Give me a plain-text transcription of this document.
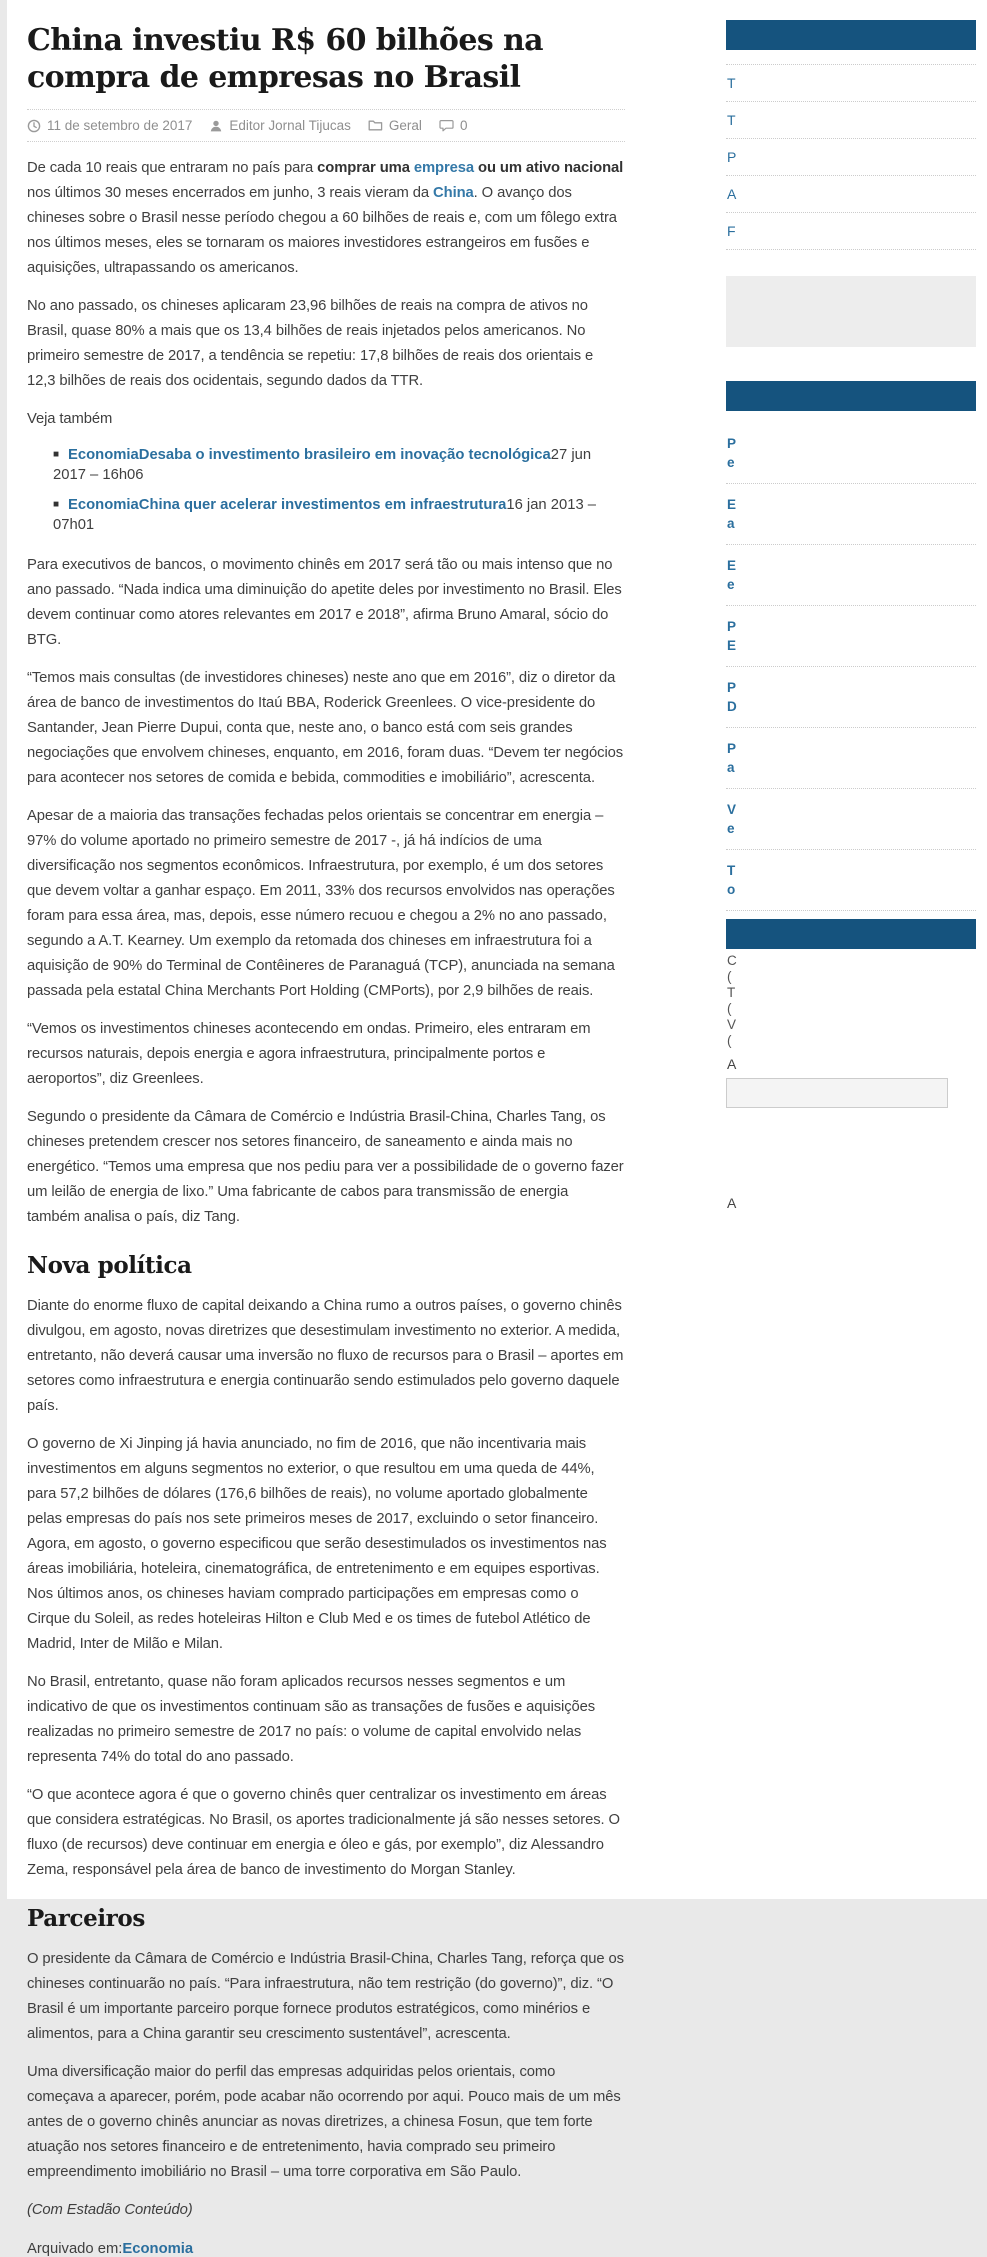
China investiu R$ 60 bilhões na compra de empresas no Brasil
11 de setembro de 2017	Editor Jornal Tijucas	Geral	0

De cada 10 reais que entraram no país para comprar uma empresa ou um ativo nacional nos últimos 30 meses encerrados em junho, 3 reais vieram da China. O avanço dos chineses sobre o Brasil nesse período chegou a 60 bilhões de reais e, com um fôlego extra nos últimos meses, eles se tornaram os maiores investidores estrangeiros em fusões e aquisições, ultrapassando os americanos.

No ano passado, os chineses aplicaram 23,96 bilhões de reais na compra de ativos no Brasil, quase 80% a mais que os 13,4 bilhões de reais injetados pelos americanos. No primeiro semestre de 2017, a tendência se repetiu: 17,8 bilhões de reais dos orientais e 12,3 bilhões de reais dos ocidentais, segundo dados da TTR.

Veja também

■ EconomiaDesaba o investimento brasileiro em inovação tecnológica27 jun 2017 – 16h06
■ EconomiaChina quer acelerar investimentos em infraestrutura16 jan 2013 – 07h01

Para executivos de bancos, o movimento chinês em 2017 será tão ou mais intenso que no ano passado. “Nada indica uma diminuição do apetite deles por investimento no Brasil. Eles devem continuar como atores relevantes em 2017 e 2018”, afirma Bruno Amaral, sócio do BTG.

“Temos mais consultas (de investidores chineses) neste ano que em 2016”, diz o diretor da área de banco de investimentos do Itaú BBA, Roderick Greenlees. O vice-presidente do Santander, Jean Pierre Dupui, conta que, neste ano, o banco está com seis grandes negociações que envolvem chineses, enquanto, em 2016, foram duas. “Devem ter negócios para acontecer nos setores de comida e bebida, commodities e imobiliário”, acrescenta.

Apesar de a maioria das transações fechadas pelos orientais se concentrar em energia – 97% do volume aportado no primeiro semestre de 2017 -, já há indícios de uma diversificação nos segmentos econômicos. Infraestrutura, por exemplo, é um dos setores que devem voltar a ganhar espaço. Em 2011, 33% dos recursos envolvidos nas operações foram para essa área, mas, depois, esse número recuou e chegou a 2% no ano passado, segundo a A.T. Kearney. Um exemplo da retomada dos chineses em infraestrutura foi a aquisição de 90% do Terminal de Contêineres de Paranaguá (TCP), anunciada na semana passada pela estatal China Merchants Port Holding (CMPorts), por 2,9 bilhões de reais.

“Vemos os investimentos chineses acontecendo em ondas. Primeiro, eles entraram em recursos naturais, depois energia e agora infraestrutura, principalmente portos e aeroportos”, diz Greenlees.

Segundo o presidente da Câmara de Comércio e Indústria Brasil-China, Charles Tang, os chineses pretendem crescer nos setores financeiro, de saneamento e ainda mais no energético. “Temos uma empresa que nos pediu para ver a possibilidade de o governo fazer um leilão de energia de lixo.” Uma fabricante de cabos para transmissão de energia também analisa o país, diz Tang.

Nova política

Diante do enorme fluxo de capital deixando a China rumo a outros países, o governo chinês divulgou, em agosto, novas diretrizes que desestimulam investimento no exterior. A medida, entretanto, não deverá causar uma inversão no fluxo de recursos para o Brasil – aportes em setores como infraestrutura e energia continuarão sendo estimulados pelo governo daquele país.

O governo de Xi Jinping já havia anunciado, no fim de 2016, que não incentivaria mais investimentos em alguns segmentos no exterior, o que resultou em uma queda de 44%, para 57,2 bilhões de dólares (176,6 bilhões de reais), no volume aportado globalmente pelas empresas do país nos sete primeiros meses de 2017, excluindo o setor financeiro. Agora, em agosto, o governo especificou que serão desestimulados os investimentos nas áreas imobiliária, hoteleira, cinematográfica, de entretenimento e em equipes esportivas. Nos últimos anos, os chineses haviam comprado participações em empresas como o Cirque du Soleil, as redes hoteleiras Hilton e Club Med e os times de futebol Atlético de Madrid, Inter de Milão e Milan.

No Brasil, entretanto, quase não foram aplicados recursos nesses segmentos e um indicativo de que os investimentos continuam são as transações de fusões e aquisições realizadas no primeiro semestre de 2017 no país: o volume de capital envolvido nelas representa 74% do total do ano passado.

“O que acontece agora é que o governo chinês quer centralizar os investimento em áreas que considera estratégicas. No Brasil, os aportes tradicionalmente já são nesses setores. O fluxo (de recursos) deve continuar em energia e óleo e gás, por exemplo”, diz Alessandro Zema, responsável pela área de banco de investimento do Morgan Stanley.

Parceiros

O presidente da Câmara de Comércio e Indústria Brasil-China, Charles Tang, reforça que os chineses continuarão no país. “Para infraestrutura, não tem restrição (do governo)”, diz. “O Brasil é um importante parceiro porque fornece produtos estratégicos, como minérios e alimentos, para a China garantir seu crescimento sustentável”, acrescenta.

Uma diversificação maior do perfil das empresas adquiridas pelos orientais, como começava a aparecer, porém, pode acabar não ocorrendo por aqui. Pouco mais de um mês antes de o governo chinês anunciar as novas diretrizes, a chinesa Fosun, que tem forte atuação nos setores financeiro e de entretenimento, havia comprado seu primeiro empreendimento imobiliário no Brasil – uma torre corporativa em São Paulo.

(Com Estadão Conteúdo)

Arquivado em:Economia

T
T
P
A
F
P
e
E
a
E
e
P
E
P
D
P
a
V
e
T
o
C
(
T
(
V
(
A
A
